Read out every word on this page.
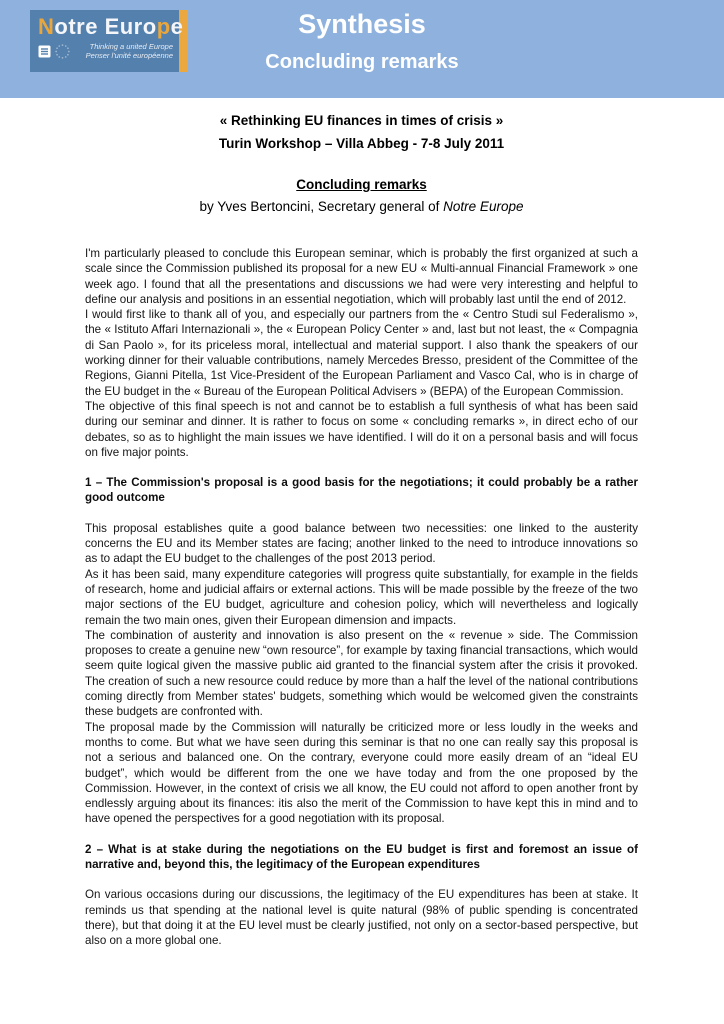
Synthesis
Concluding remarks
Notre Europe
Thinking a united Europe
Penser l'unité européenne
« Rethinking EU finances in times of crisis »
Turin Workshop – Villa Abbeg - 7-8 July 2011
Concluding remarks
by Yves Bertoncini, Secretary general of Notre Europe
I'm particularly pleased to conclude this European seminar, which is probably the first organized at such a scale since the Commission published its proposal for a new EU « Multi-annual Financial Framework » one week ago. I found that all the presentations and discussions we had were very interesting and helpful to define our analysis and positions in an essential negotiation, which will probably last until the end of 2012.
I would first like to thank all of you, and especially our partners from the « Centro Studi sul Federalismo », the « Istituto Affari Internazionali », the « European Policy Center » and, last but not least, the « Compagnia di San Paolo », for its priceless moral, intellectual and material support. I also thank the speakers of our working dinner for their valuable contributions, namely Mercedes Bresso, president of the Committee of the Regions, Gianni Pitella, 1st Vice-President of the European Parliament and Vasco Cal, who is in charge of the EU budget in the « Bureau of the European Political Advisers » (BEPA) of the European Commission.
The objective of this final speech is not and cannot be to establish a full synthesis of what has been said during our seminar and dinner. It is rather to focus on some « concluding remarks », in direct echo of our debates, so as to highlight the main issues we have identified. I will do it on a personal basis and will focus on five major points.
1 – The Commission's proposal is a good basis for the negotiations; it could probably be a rather good outcome
This proposal establishes quite a good balance between two necessities: one linked to the austerity concerns the EU and its Member states are facing; another linked to the need to introduce innovations so as to adapt the EU budget to the challenges of the post 2013 period.
As it has been said, many expenditure categories will progress quite substantially, for example in the fields of research, home and judicial affairs or external actions. This will be made possible by the freeze of the two major sections of the EU budget, agriculture and cohesion policy, which will nevertheless and logically remain the two main ones, given their European dimension and impacts.
The combination of austerity and innovation is also present on the « revenue » side. The Commission proposes to create a genuine new “own resource”, for example by taxing financial transactions, which would seem quite logical given the massive public aid granted to the financial system after the crisis it provoked. The creation of such a new resource could reduce by more than a half the level of the national contributions coming directly from Member states' budgets, something which would be welcomed given the constraints these budgets are confronted with.
The proposal made by the Commission will naturally be criticized more or less loudly in the weeks and months to come. But what we have seen during this seminar is that no one can really say this proposal is not a serious and balanced one. On the contrary, everyone could more easily dream of an “ideal EU budget”, which would be different from the one we have today and from the one proposed by the Commission. However, in the context of crisis we all know, the EU could not afford to open another front by endlessly arguing about its finances: itis also the merit of the Commission to have kept this in mind and to have opened the perspectives for a good negotiation with its proposal.
2 – What is at stake during the negotiations on the EU budget is first and foremost an issue of narrative and, beyond this, the legitimacy of the European expenditures
On various occasions during our discussions, the legitimacy of the EU expenditures has been at stake. It reminds us that spending at the national level is quite natural (98% of public spending is concentrated there), but that doing it at the EU level must be clearly justified, not only on a sector-based perspective, but also on a more global one.
